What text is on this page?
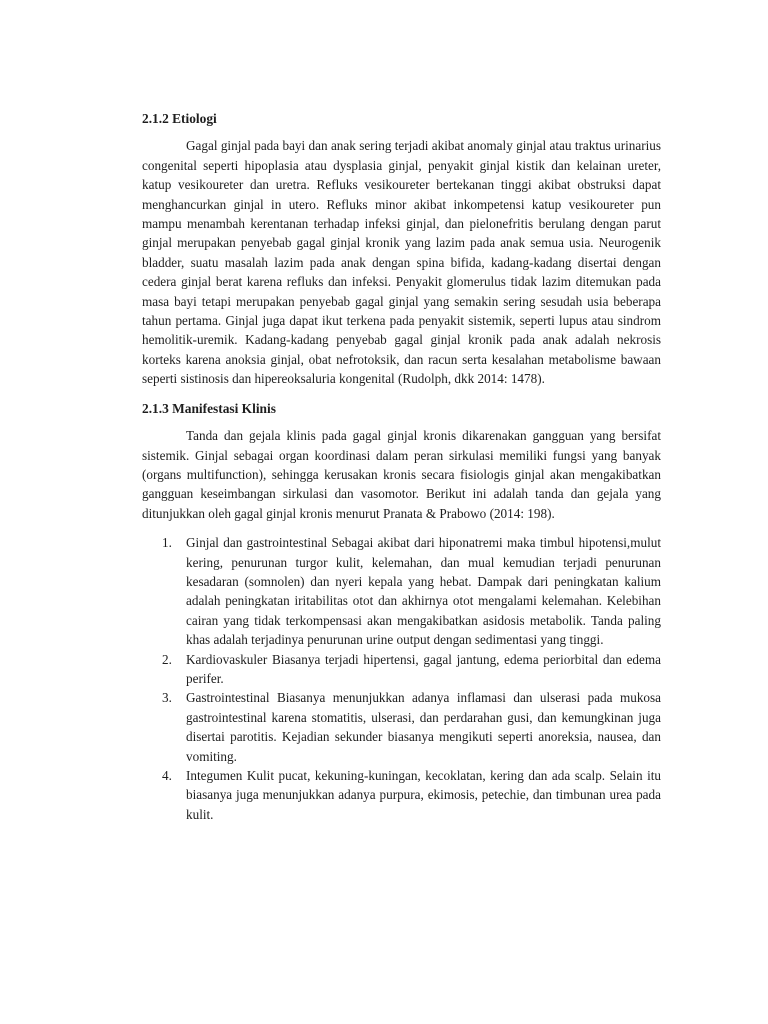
2.1.2 Etiologi

Gagal ginjal pada bayi dan anak sering terjadi akibat anomaly ginjal atau traktus urinarius congenital seperti hipoplasia atau dysplasia ginjal, penyakit ginjal kistik dan kelainan ureter, katup vesikoureter dan uretra. Refluks vesikoureter bertekanan tinggi akibat obstruksi dapat menghancurkan ginjal in utero. Refluks minor akibat inkompetensi katup vesikoureter pun mampu menambah kerentanan terhadap infeksi ginjal, dan pielonefritis berulang dengan parut ginjal merupakan penyebab gagal ginjal kronik yang lazim pada anak semua usia. Neurogenik bladder, suatu masalah lazim pada anak dengan spina bifida, kadang-kadang disertai dengan cedera ginjal berat karena refluks dan infeksi. Penyakit glomerulus tidak lazim ditemukan pada masa bayi tetapi merupakan penyebab gagal ginjal yang semakin sering sesudah usia beberapa tahun pertama. Ginjal juga dapat ikut terkena pada penyakit sistemik, seperti lupus atau sindrom hemolitik-uremik. Kadang-kadang penyebab gagal ginjal kronik pada anak adalah nekrosis korteks karena anoksia ginjal, obat nefrotoksik, dan racun serta kesalahan metabolisme bawaan seperti sistinosis dan hipereoksaluria kongenital (Rudolph, dkk 2014: 1478).

2.1.3 Manifestasi Klinis

Tanda dan gejala klinis pada gagal ginjal kronis dikarenakan gangguan yang bersifat sistemik. Ginjal sebagai organ koordinasi dalam peran sirkulasi memiliki fungsi yang banyak (organs multifunction), sehingga kerusakan kronis secara fisiologis ginjal akan mengakibatkan gangguan keseimbangan sirkulasi dan vasomotor. Berikut ini adalah tanda dan gejala yang ditunjukkan oleh gagal ginjal kronis menurut Pranata & Prabowo (2014: 198).

1. Ginjal dan gastrointestinal Sebagai akibat dari hiponatremi maka timbul hipotensi,mulut kering, penurunan turgor kulit, kelemahan, dan mual kemudian terjadi penurunan kesadaran (somnolen) dan nyeri kepala yang hebat. Dampak dari peningkatan kalium adalah peningkatan iritabilitas otot dan akhirnya otot mengalami kelemahan. Kelebihan cairan yang tidak terkompensasi akan mengakibatkan asidosis metabolik. Tanda paling khas adalah terjadinya penurunan urine output dengan sedimentasi yang tinggi.
2. Kardiovaskuler Biasanya terjadi hipertensi, gagal jantung, edema periorbital dan edema perifer.
3. Gastrointestinal Biasanya menunjukkan adanya inflamasi dan ulserasi pada mukosa gastrointestinal karena stomatitis, ulserasi, dan perdarahan gusi, dan kemungkinan juga disertai parotitis. Kejadian sekunder biasanya mengikuti seperti anoreksia, nausea, dan vomiting.
4. Integumen Kulit pucat, kekuning-kuningan, kecoklatan, kering dan ada scalp. Selain itu biasanya juga menunjukkan adanya purpura, ekimosis, petechie, dan timbunan urea pada kulit.
